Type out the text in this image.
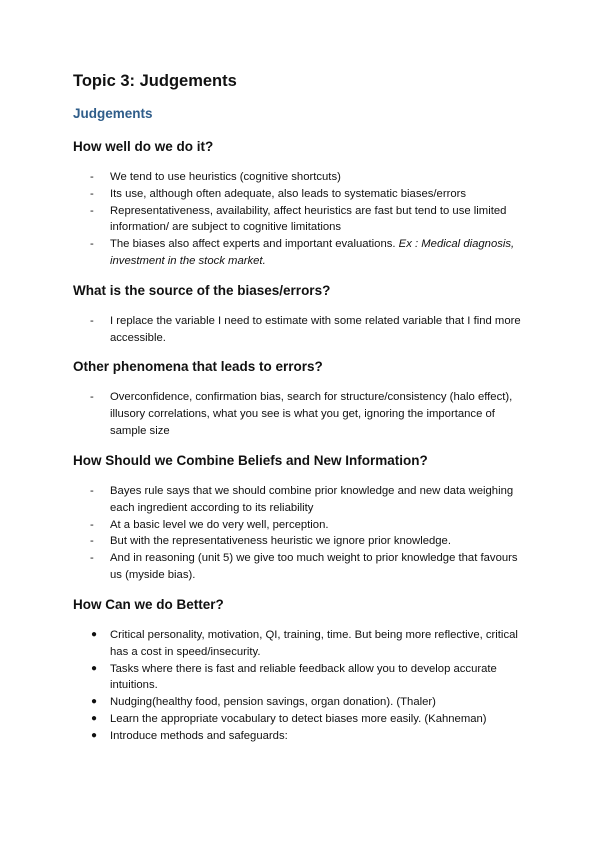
Topic 3: Judgements
Judgements
How well do we do it?
- We tend to use heuristics (cognitive shortcuts)
- Its use, although often adequate, also leads to systematic biases/errors
- Representativeness, availability, affect heuristics are fast but tend to use limited information/ are subject to cognitive limitations
- The biases also affect experts and important evaluations. Ex : Medical diagnosis, investment in the stock market.
What is the source of the biases/errors?
- I replace the variable I need to estimate with some related variable that I find more accessible.
Other phenomena that leads to errors?
- Overconfidence, confirmation bias, search for structure/consistency (halo effect), illusory correlations, what you see is what you get, ignoring the importance of sample size
How Should we Combine Beliefs and New Information?
- Bayes rule says that we should combine prior knowledge and new data weighing each ingredient according to its reliability
- At a basic level we do very well, perception.
- But with the representativeness heuristic we ignore prior knowledge.
- And in reasoning (unit 5) we give too much weight to prior knowledge that favours us (myside bias).
How Can we do Better?
● Critical personality, motivation, QI, training, time. But being more reflective, critical has a cost in speed/insecurity.
● Tasks where there is fast and reliable feedback allow you to develop accurate intuitions.
● Nudging(healthy food, pension savings, organ donation). (Thaler)
● Learn the appropriate vocabulary to detect biases more easily. (Kahneman)
● Introduce methods and safeguards:
